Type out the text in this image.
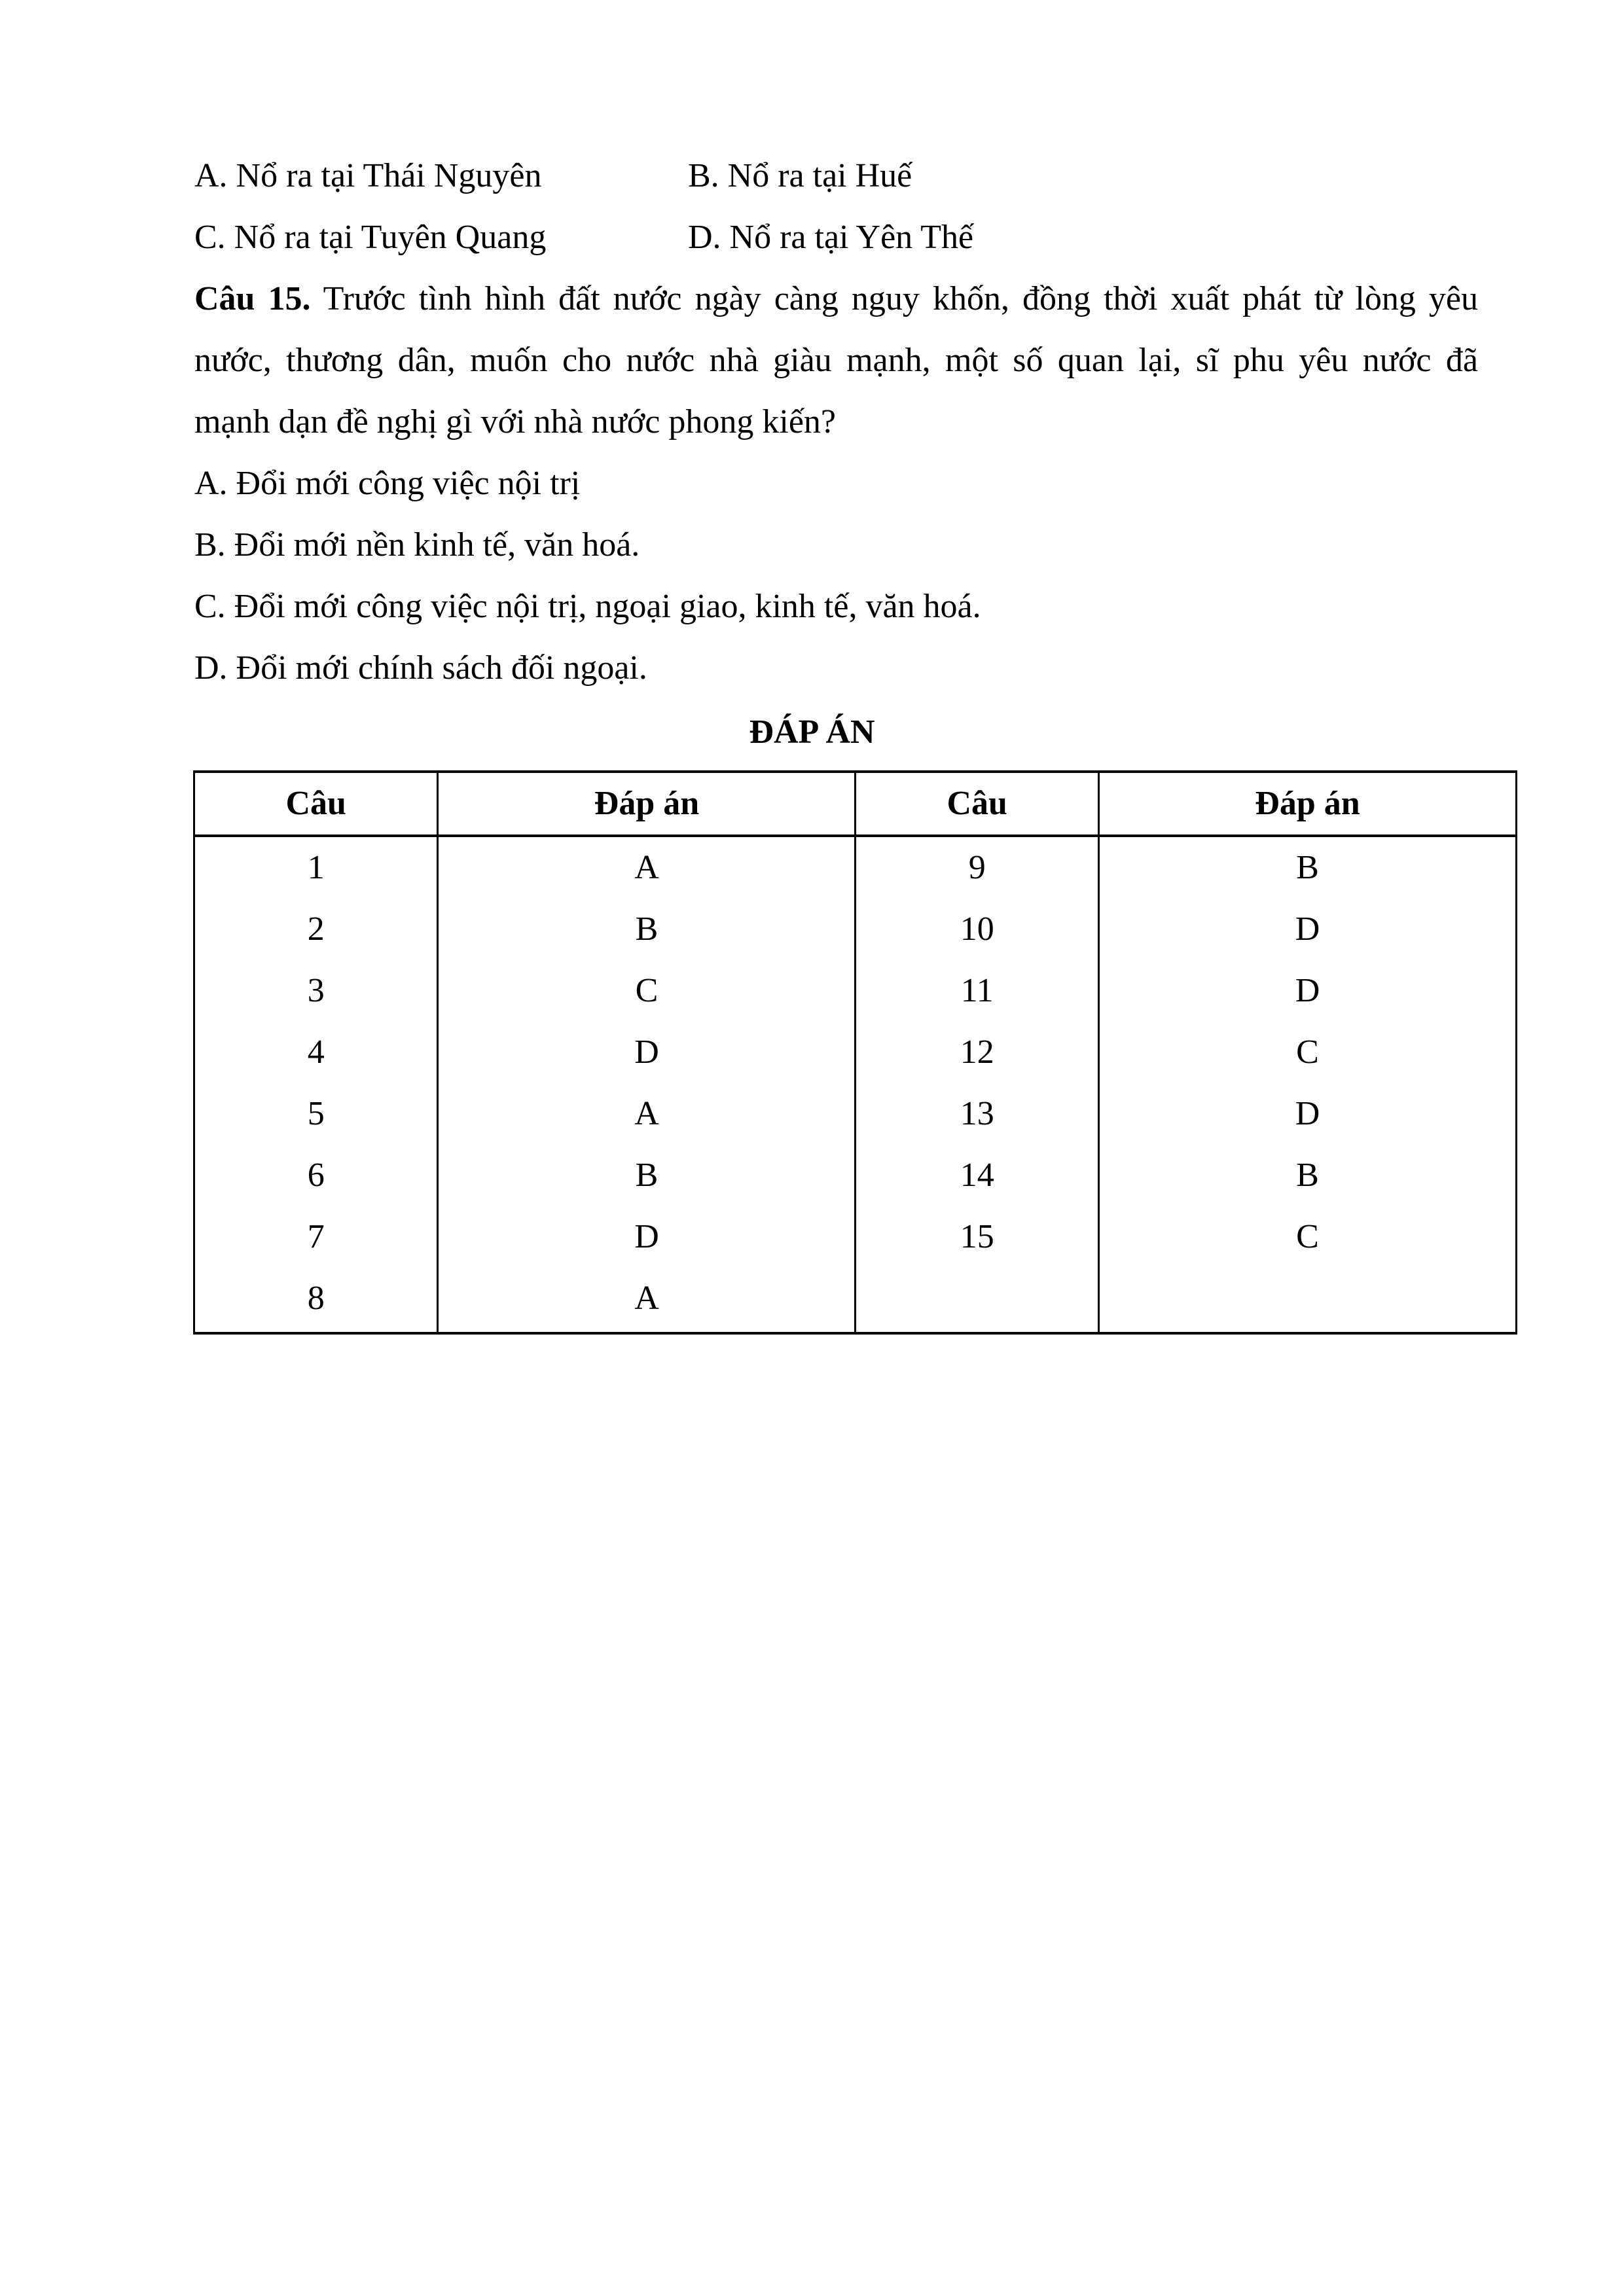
A. Nổ ra tại Thái Nguyên	B. Nổ ra tại Huế
C. Nổ ra tại Tuyên Quang	D. Nổ ra tại Yên Thế
Câu 15. Trước tình hình đất nước ngày càng nguy khốn, đồng thời xuất phát từ lòng yêu
nước, thương dân, muốn cho nước nhà giàu mạnh, một số quan lại, sĩ phu yêu nước đã
mạnh dạn đề nghị gì với nhà nước phong kiến?
A. Đổi mới công việc nội trị
B. Đổi mới nền kinh tế, văn hoá.
C. Đổi mới công việc nội trị, ngoại giao, kinh tế, văn hoá.
D. Đổi mới chính sách đối ngoại.
ĐÁP ÁN
Câu	Đáp án	Câu	Đáp án
1	A	9	B
2	B	10	D
3	C	11	D
4	D	12	C
5	A	13	D
6	B	14	B
7	D	15	C
8	A		
